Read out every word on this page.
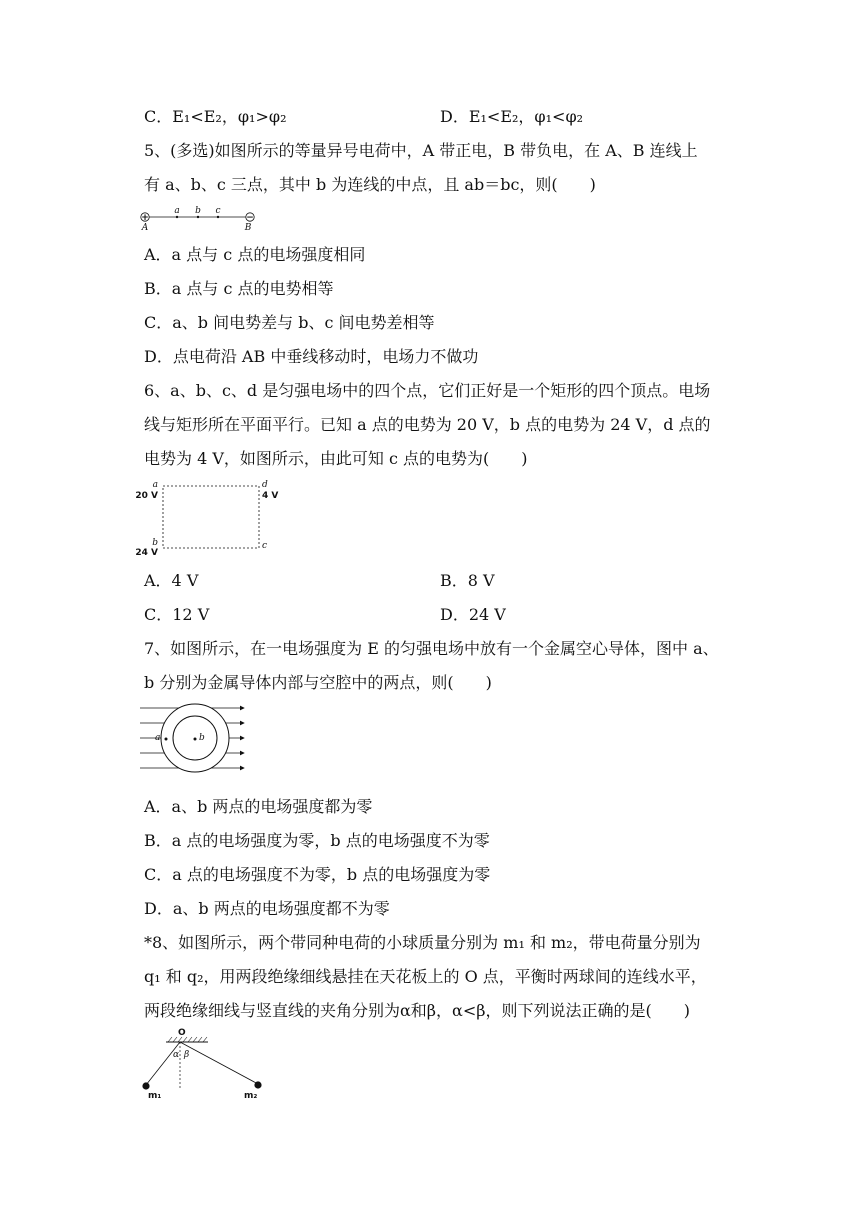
C．E₁<E₂，φ₁>φ₂	D．E₁<E₂，φ₁<φ₂
5、(多选)如图所示的等量异号电荷中，A 带正电，B 带负电，在 A、B 连线上
有 a、b、c 三点，其中 b 为连线的中点，且 ab＝bc，则(　　)
+	−
a b c
A	B
A．a 点与 c 点的电场强度相同
B．a 点与 c 点的电势相等
C．a、b 间电势差与 b、c 间电势差相等
D．点电荷沿 AB 中垂线移动时，电场力不做功
6、a、b、c、d 是匀强电场中的四个点，它们正好是一个矩形的四个顶点。电场
线与矩形所在平面平行。已知 a 点的电势为 20 V，b 点的电势为 24 V，d 点的
电势为 4 V，如图所示，由此可知 c 点的电势为(　　)
a
20 V
d
4 V
b
24 V
c
A．4 V	B．8 V
C．12 V	D．24 V
7、如图所示，在一电场强度为 E 的匀强电场中放有一个金属空心导体，图中 a、
b 分别为金属导体内部与空腔中的两点，则(　　)
a	b
A．a、b 两点的电场强度都为零
B．a 点的电场强度为零，b 点的电场强度不为零
C．a 点的电场强度不为零，b 点的电场强度为零
D．a、b 两点的电场强度都不为零
*8、如图所示，两个带同种电荷的小球质量分别为 m₁ 和 m₂，带电荷量分别为
q₁ 和 q₂，用两段绝缘细线悬挂在天花板上的 O 点，平衡时两球间的连线水平，
两段绝缘细线与竖直线的夹角分别为α和β，α<β，则下列说法正确的是(　　)
O
α β
m₁	m₂
